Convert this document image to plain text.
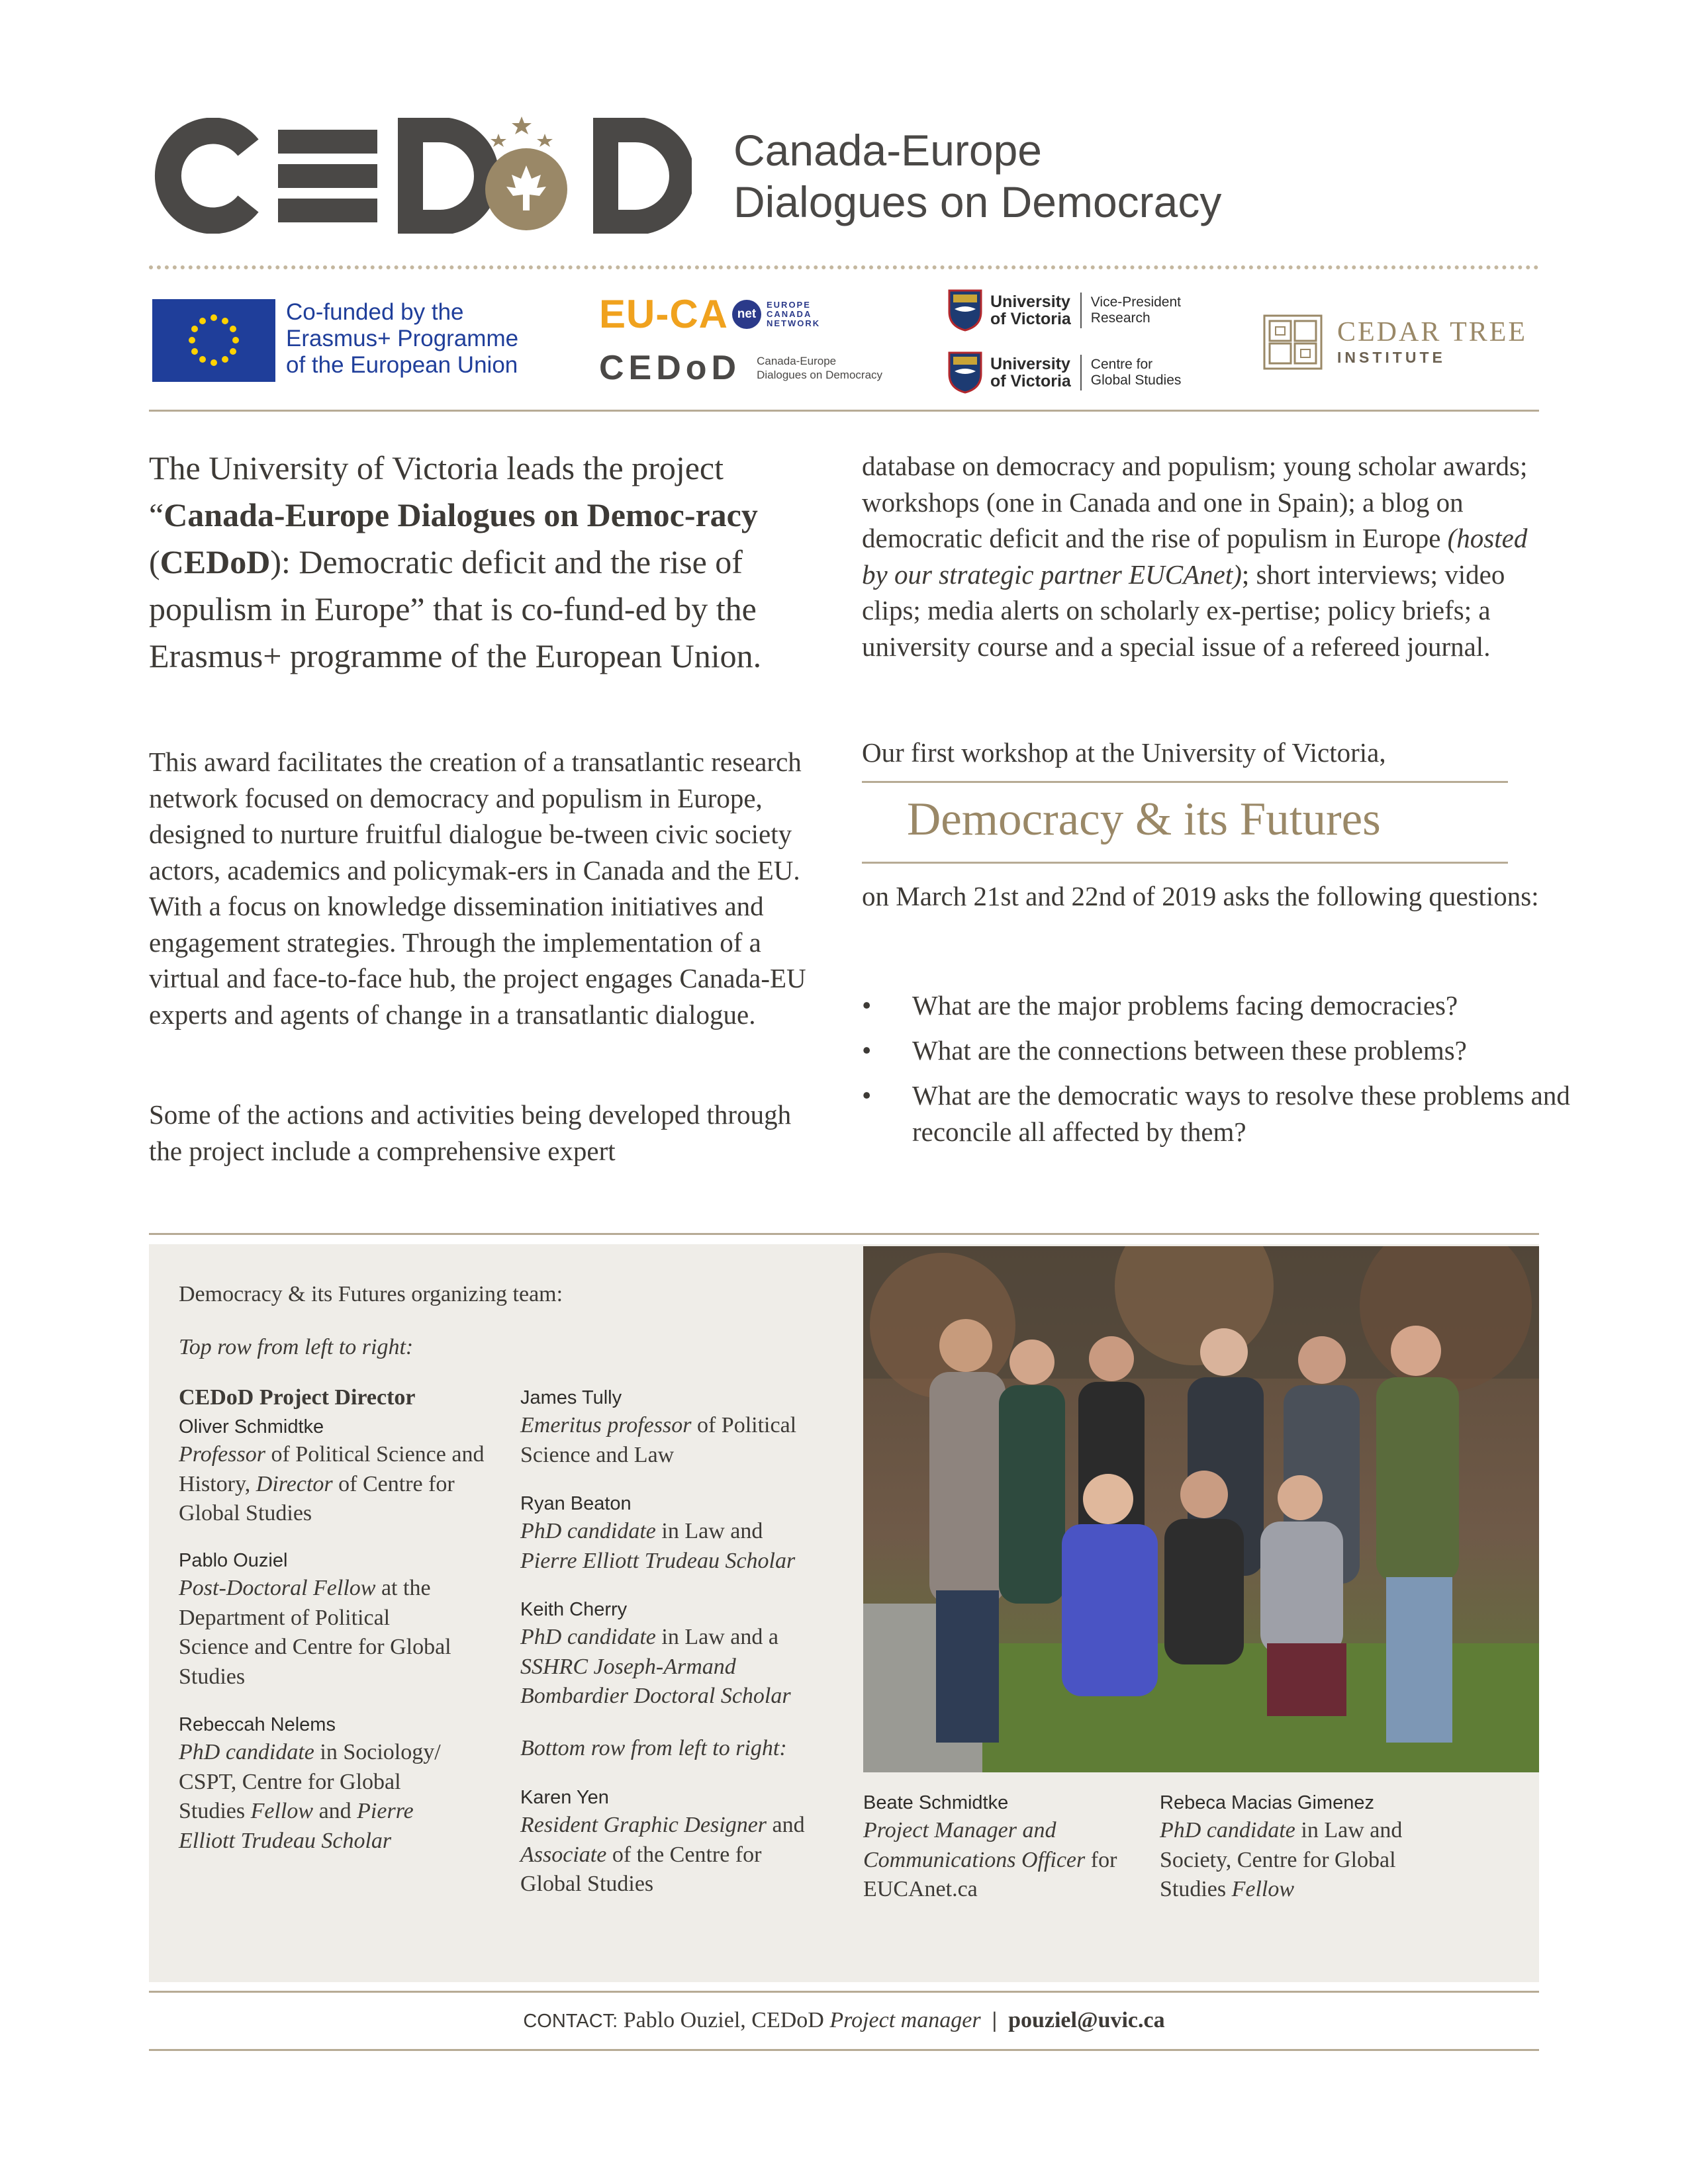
Canada-Europe
Dialogues on Democracy
Co-funded by the
Erasmus+ Programme
of the European Union
EU-CA net
EUROPE
CANADA
NETWORK
CEDoD Canada-Europe
Dialogues on Democracy
University
of Victoria
Vice-President
Research
University
of Victoria
Centre for
Global Studies
CEDAR TREE
INSTITUTE
The University of Victoria leads the project “Canada-Europe Dialogues on Democ-racy (CEDoD): Democratic deficit and the rise of populism in Europe” that is co-fund-ed by the Erasmus+ programme of the European Union.
This award facilitates the creation of a transatlantic research network focused on democracy and populism in Europe, designed to nurture fruitful dialogue be-tween civic society actors, academics and policymak-ers in Canada and the EU. With a focus on knowledge dissemination initiatives and engagement strategies. Through the implementation of a virtual and face-to-face hub, the project engages Canada-EU experts and agents of change in a transatlantic dialogue.
Some of the actions and activities being developed through the project include a comprehensive expert
database on democracy and populism; young scholar awards; workshops (one in Canada and one in Spain); a blog on democratic deficit and the rise of populism in Europe (hosted by our strategic partner EUCAnet); short interviews; video clips; media alerts on scholarly ex-pertise; policy briefs; a university course and a special issue of a refereed journal.
Our first workshop at the University of Victoria,
Democracy & its Futures
on March 21st and 22nd of 2019 asks the following questions:
• What are the major problems facing democracies?
• What are the connections between these problems?
• What are the democratic ways to resolve these problems and reconcile all affected by them?
Democracy & its Futures organizing team:
Top row from left to right:
CEDoD Project Director
Oliver Schmidtke
Professor of Political Science and History, Director of Centre for Global Studies
Pablo Ouziel
Post-Doctoral Fellow at the Department of Political Science and Centre for Global Studies
Rebeccah Nelems
PhD candidate in Sociology/ CSPT, Centre for Global Studies Fellow and Pierre Elliott Trudeau Scholar
James Tully
Emeritus professor of Political Science and Law
Ryan Beaton
PhD candidate in Law and Pierre Elliott Trudeau Scholar
Keith Cherry
PhD candidate in Law and a SSHRC Joseph-Armand Bombardier Doctoral Scholar
Bottom row from left to right:
Karen Yen
Resident Graphic Designer and Associate of the Centre for Global Studies
Beate Schmidtke
Project Manager and Communications Officer for EUCAnet.ca
Rebeca Macias Gimenez
PhD candidate in Law and Society, Centre for Global Studies Fellow
CONTACT: Pablo Ouziel, CEDoD Project manager  |  pouziel@uvic.ca
